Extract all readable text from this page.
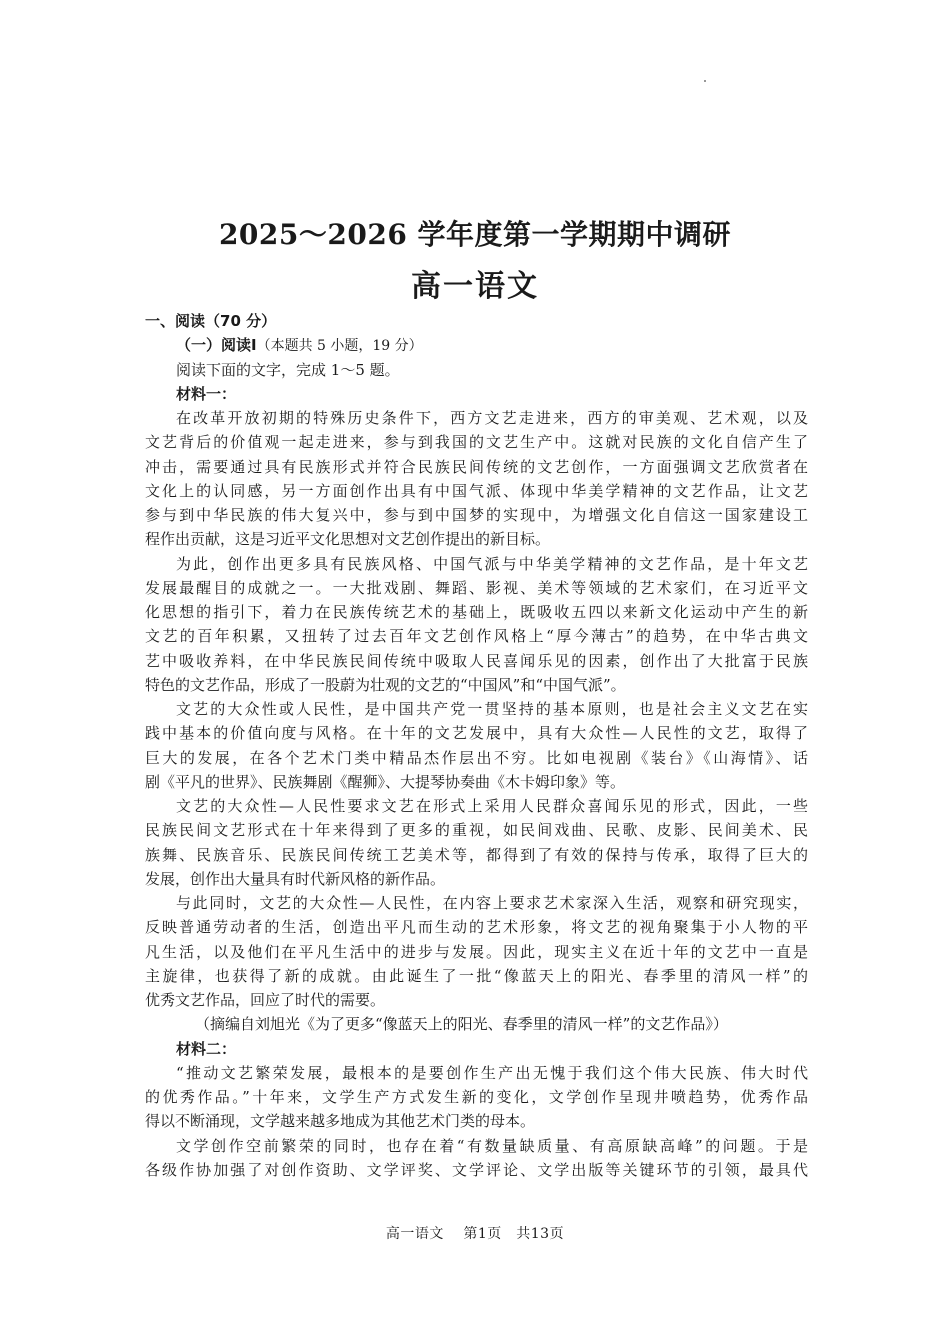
2025～2026 学年度第一学期期中调研
高一语文
一、阅读（70 分）
（一）阅读Ⅰ（本题共 5 小题，19 分）
阅读下面的文字，完成 1～5 题。
材料一：
在改革开放初期的特殊历史条件下，西方文艺走进来，西方的审美观、艺术观，以及
文艺背后的价值观一起走进来，参与到我国的文艺生产中。这就对民族的文化自信产生了
冲击，需要通过具有民族形式并符合民族民间传统的文艺创作，一方面强调文艺欣赏者在
文化上的认同感，另一方面创作出具有中国气派、体现中华美学精神的文艺作品，让文艺
参与到中华民族的伟大复兴中，参与到中国梦的实现中，为增强文化自信这一国家建设工
程作出贡献，这是习近平文化思想对文艺创作提出的新目标。
为此，创作出更多具有民族风格、中国气派与中华美学精神的文艺作品，是十年文艺
发展最醒目的成就之一。一大批戏剧、舞蹈、影视、美术等领域的艺术家们，在习近平文
化思想的指引下，着力在民族传统艺术的基础上，既吸收五四以来新文化运动中产生的新
文艺的百年积累，又扭转了过去百年文艺创作风格上“厚今薄古”的趋势，在中华古典文
艺中吸收养料，在中华民族民间传统中吸取人民喜闻乐见的因素，创作出了大批富于民族
特色的文艺作品，形成了一股蔚为壮观的文艺的“中国风”和“中国气派”。
文艺的大众性或人民性，是中国共产党一贯坚持的基本原则，也是社会主义文艺在实
践中基本的价值向度与风格。在十年的文艺发展中，具有大众性—人民性的文艺，取得了
巨大的发展，在各个艺术门类中精品杰作层出不穷。比如电视剧《装台》《山海情》、话
剧《平凡的世界》、民族舞剧《醒狮》、大提琴协奏曲《木卡姆印象》等。
文艺的大众性—人民性要求文艺在形式上采用人民群众喜闻乐见的形式，因此，一些
民族民间文艺形式在十年来得到了更多的重视，如民间戏曲、民歌、皮影、民间美术、民
族舞、民族音乐、民族民间传统工艺美术等，都得到了有效的保持与传承，取得了巨大的
发展，创作出大量具有时代新风格的新作品。
与此同时，文艺的大众性—人民性，在内容上要求艺术家深入生活，观察和研究现实，
反映普通劳动者的生活，创造出平凡而生动的艺术形象，将文艺的视角聚集于小人物的平
凡生活，以及他们在平凡生活中的进步与发展。因此，现实主义在近十年的文艺中一直是
主旋律，也获得了新的成就。由此诞生了一批“像蓝天上的阳光、春季里的清风一样”的
优秀文艺作品，回应了时代的需要。
（摘编自刘旭光《为了更多“像蓝天上的阳光、春季里的清风一样”的文艺作品》）
材料二：
“推动文艺繁荣发展，最根本的是要创作生产出无愧于我们这个伟大民族、伟大时代
的优秀作品。”十年来，文学生产方式发生新的变化，文学创作呈现井喷趋势，优秀作品
得以不断涌现，文学越来越多地成为其他艺术门类的母本。
文学创作空前繁荣的同时，也存在着“有数量缺质量、有高原缺高峰”的问题。于是
各级作协加强了对创作资助、文学评奖、文学评论、文学出版等关键环节的引领，最具代
高一语文　 第1页　共13页
